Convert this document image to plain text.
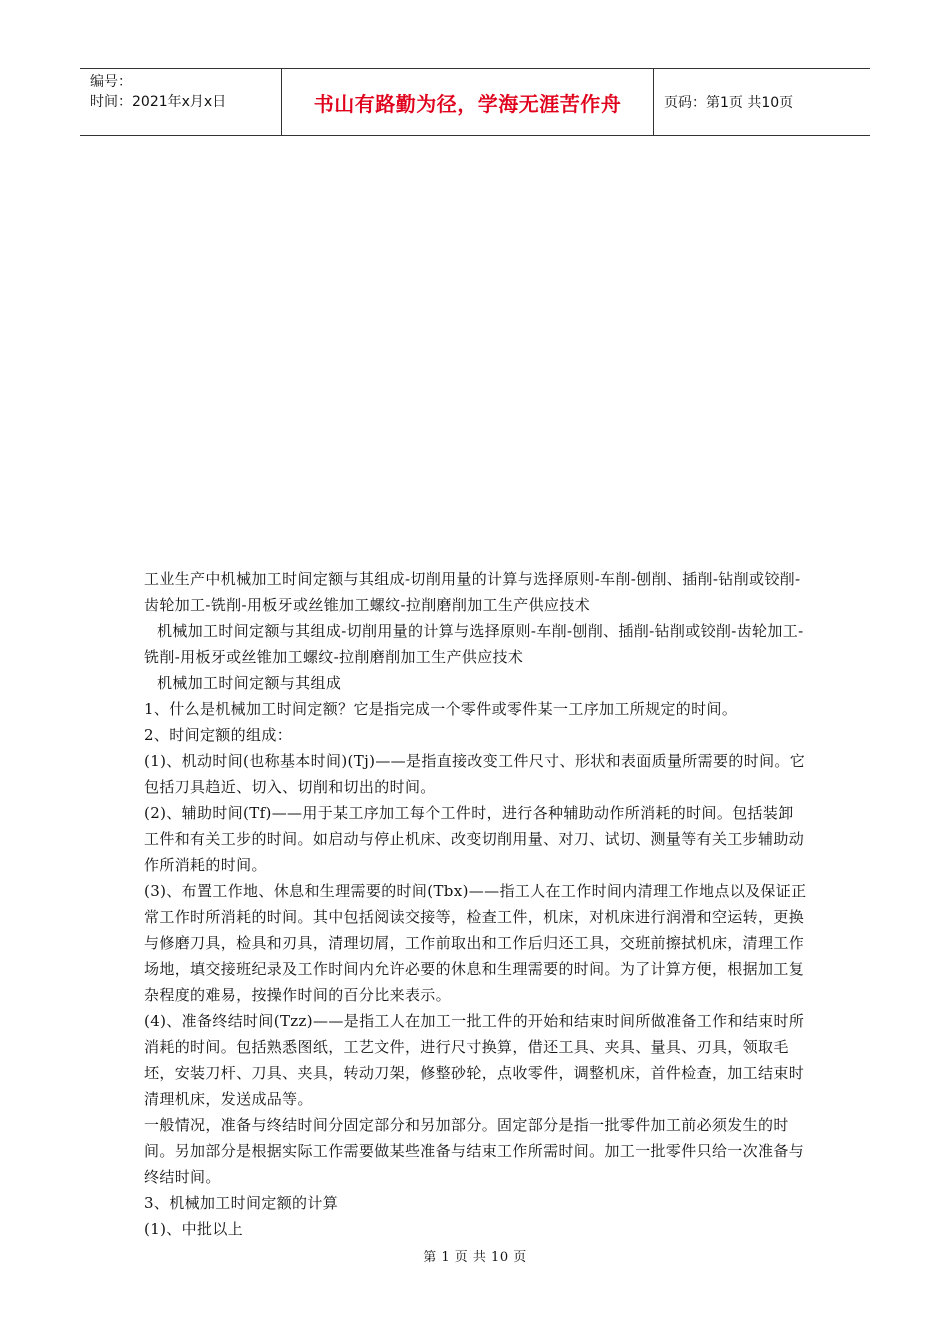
编号：
时间：2021年x月x日	书山有路勤为径，学海无涯苦作舟	页码：第1页 共10页

工业生产中机械加工时间定额与其组成-切削用量的计算与选择原则-车削-刨削、插削-钻削或铰削-齿轮加工-铣削-用板牙或丝锥加工螺纹-拉削磨削加工生产供应技术

机械加工时间定额与其组成-切削用量的计算与选择原则-车削-刨削、插削-钻削或铰削-齿轮加工-铣削-用板牙或丝锥加工螺纹-拉削磨削加工生产供应技术

机械加工时间定额与其组成

1、什么是机械加工时间定额？它是指完成一个零件或零件某一工序加工所规定的时间。

2、时间定额的组成：

(1)、机动时间(也称基本时间)(Tj)——是指直接改变工件尺寸、形状和表面质量所需要的时间。它包括刀具趋近、切入、切削和切出的时间。

(2)、辅助时间(Tf)——用于某工序加工每个工件时，进行各种辅助动作所消耗的时间。包括装卸工件和有关工步的时间。如启动与停止机床、改变切削用量、对刀、试切、测量等有关工步辅助动作所消耗的时间。

(3)、布置工作地、休息和生理需要的时间(Tbx)——指工人在工作时间内清理工作地点以及保证正常工作时所消耗的时间。其中包括阅读交接等，检查工件，机床，对机床进行润滑和空运转，更换与修磨刀具，检具和刃具，清理切屑，工作前取出和工作后归还工具，交班前擦拭机床，清理工作场地，填交接班纪录及工作时间内允许必要的休息和生理需要的时间。为了计算方便，根据加工复杂程度的难易，按操作时间的百分比来表示。

(4)、准备终结时间(Tzz)——是指工人在加工一批工件的开始和结束时间所做准备工作和结束时所消耗的时间。包括熟悉图纸，工艺文件，进行尺寸换算，借还工具、夹具、量具、刃具，领取毛坯，安装刀杆、刀具、夹具，转动刀架，修整砂轮，点收零件，调整机床，首件检查，加工结束时清理机床，发送成品等。

一般情况，准备与终结时间分固定部分和另加部分。固定部分是指一批零件加工前必须发生的时间。另加部分是根据实际工作需要做某些准备与结束工作所需时间。加工一批零件只给一次准备与终结时间。

3、机械加工时间定额的计算

(1)、中批以上

第 1 页 共 10 页
